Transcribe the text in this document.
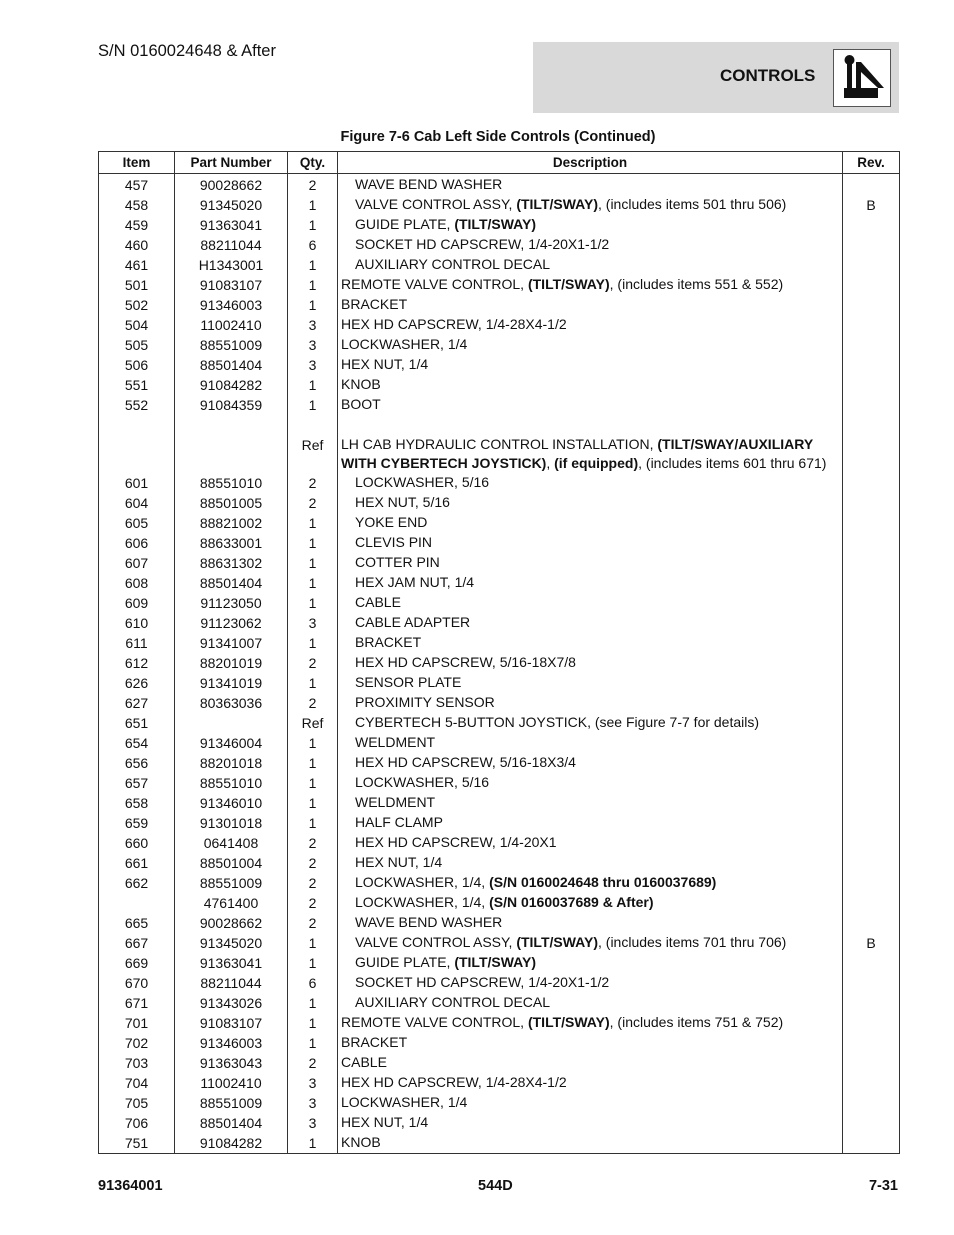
S/N 0160024648 & After
CONTROLS
Figure 7-6 Cab Left Side Controls (Continued)
Item	Part Number	Qty.	Description	Rev.
457	90028662	2	WAVE BEND WASHER	

458	91345020	1	VALVE CONTROL ASSY, (TILT/SWAY), (includes items 501 thru 506)	B
459	91363041	1	GUIDE PLATE, (TILT/SWAY)	

460	88211044	6	SOCKET HD CAPSCREW, 1/4-20X1-1/2	

461	H1343001	1	AUXILIARY CONTROL DECAL	

501	91083107	1	REMOTE VALVE CONTROL, (TILT/SWAY), (includes items 551 & 552)	

502	91346003	1	BRACKET	

504	11002410	3	HEX HD CAPSCREW, 1/4-28X4-1/2	

505	88551009	3	LOCKWASHER, 1/4	

506	88501404	3	HEX NUT, 1/4	

551	91084282	1	KNOB	

552	91084359	1	BOOT	

		Ref	LH CAB HYDRAULIC CONTROL INSTALLATION, (TILT/SWAY/AUXILIARY
WITH CYBERTECH JOYSTICK), (if equipped), (includes items 601 thru 671)	

601	88551010	2	LOCKWASHER, 5/16	

604	88501005	2	HEX NUT, 5/16	

605	88821002	1	YOKE END	

606	88633001	1	CLEVIS PIN	

607	88631302	1	COTTER PIN	

608	88501404	1	HEX JAM NUT, 1/4	

609	91123050	1	CABLE	

610	91123062	3	CABLE ADAPTER	

611	91341007	1	BRACKET	

612	88201019	2	HEX HD CAPSCREW, 5/16-18X7/8	

626	91341019	1	SENSOR PLATE	

627	80363036	2	PROXIMITY SENSOR	

651		Ref	CYBERTECH 5-BUTTON JOYSTICK, (see Figure 7-7 for details)	

654	91346004	1	WELDMENT	

656	88201018	1	HEX HD CAPSCREW, 5/16-18X3/4	

657	88551010	1	LOCKWASHER, 5/16	

658	91346010	1	WELDMENT	

659	91301018	1	HALF CLAMP	

660	0641408	2	HEX HD CAPSCREW, 1/4-20X1	

661	88501004	2	HEX NUT, 1/4	

662	88551009	2	LOCKWASHER, 1/4, (S/N 0160024648 thru 0160037689)	

	4761400	2	LOCKWASHER, 1/4, (S/N 0160037689 & After)	

665	90028662	2	WAVE BEND WASHER	

667	91345020	1	VALVE CONTROL ASSY, (TILT/SWAY), (includes items 701 thru 706)	B
669	91363041	1	GUIDE PLATE, (TILT/SWAY)	

670	88211044	6	SOCKET HD CAPSCREW, 1/4-20X1-1/2	

671	91343026	1	AUXILIARY CONTROL DECAL	

701	91083107	1	REMOTE VALVE CONTROL, (TILT/SWAY), (includes items 751 & 752)	

702	91346003	1	BRACKET	

703	91363043	2	CABLE	

704	11002410	3	HEX HD CAPSCREW, 1/4-28X4-1/2	

705	88551009	3	LOCKWASHER, 1/4	

706	88501404	3	HEX NUT, 1/4	

751	91084282	1	KNOB	

91364001	544D	7-31
